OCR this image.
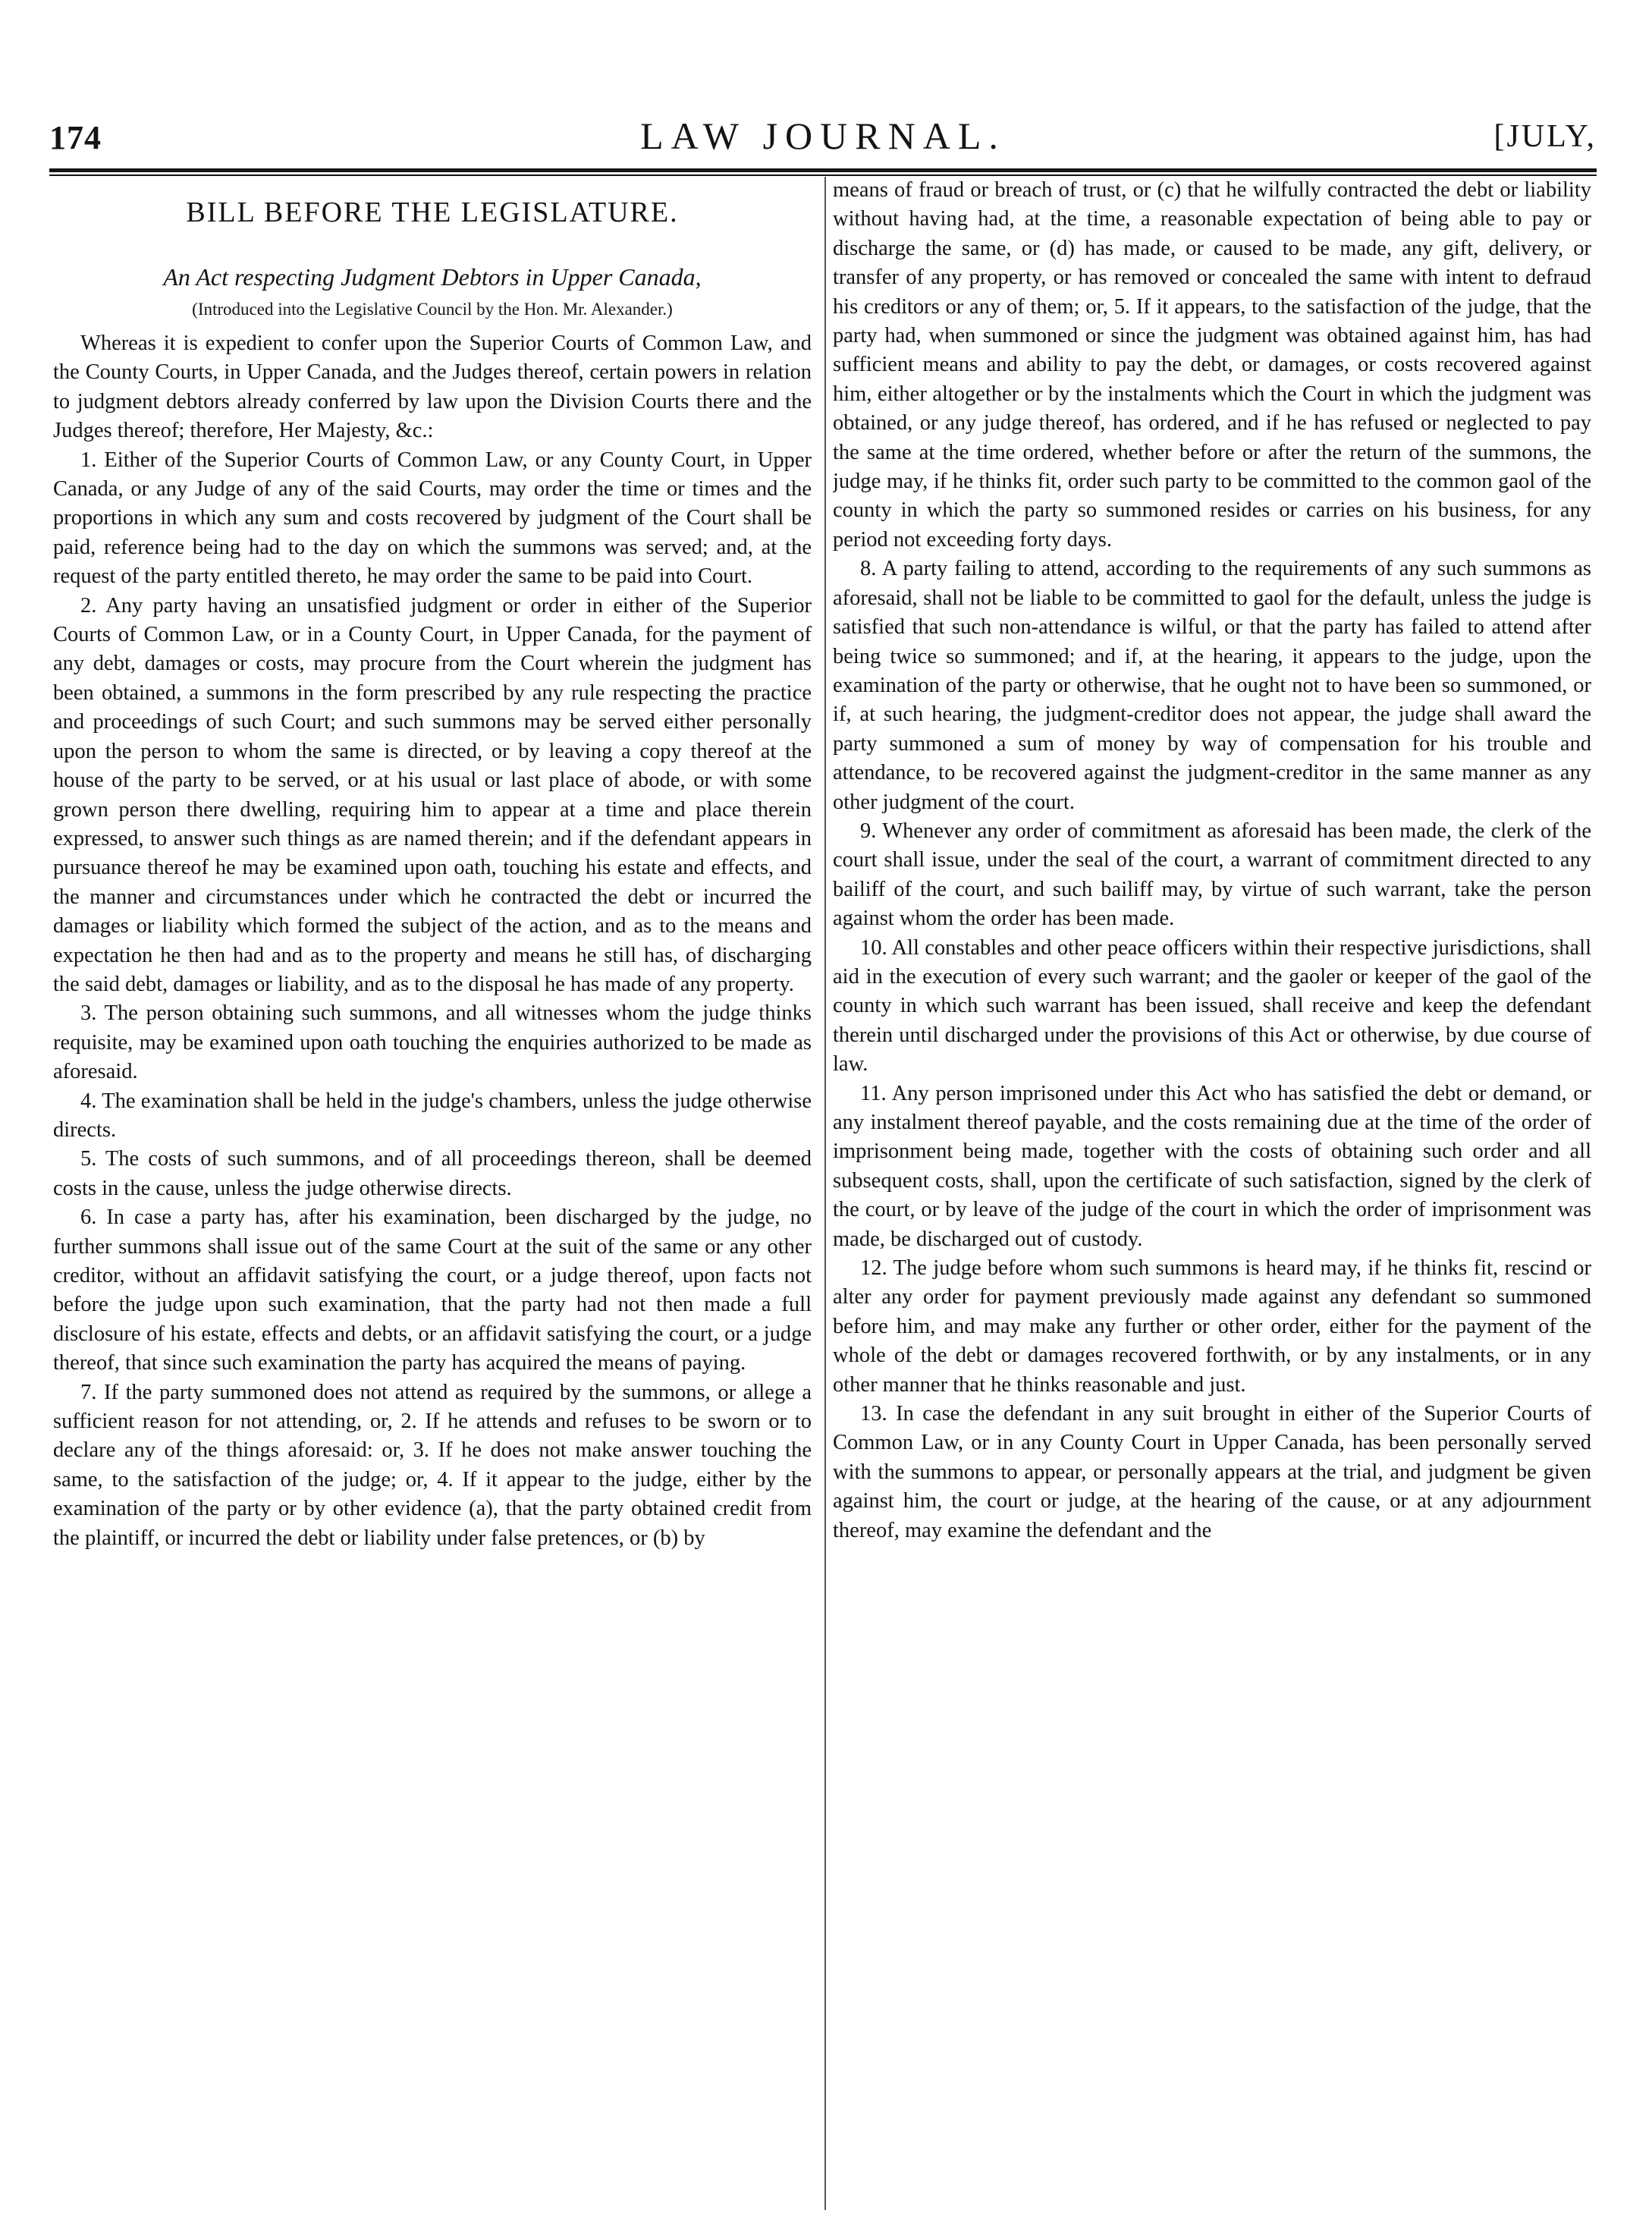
174	LAW JOURNAL.	[JULY,
BILL BEFORE THE LEGISLATURE.
An Act respecting Judgment Debtors in Upper Canada,
(Introduced into the Legislative Council by the Hon. Mr. Alexander.)

Whereas it is expedient to confer upon the Superior Courts of Common Law, and the County Courts, in Upper Canada, and the Judges thereof, certain powers in relation to judgment debtors already conferred by law upon the Division Courts there and the Judges thereof; therefore, Her Majesty, &c.:

1. Either of the Superior Courts of Common Law, or any County Court, in Upper Canada, or any Judge of any of the said Courts, may order the time or times and the proportions in which any sum and costs recovered by judgment of the Court shall be paid, reference being had to the day on which the summons was served; and, at the request of the party entitled thereto, he may order the same to be paid into Court.

2. Any party having an unsatisfied judgment or order in either of the Superior Courts of Common Law, or in a County Court, in Upper Canada, for the payment of any debt, damages or costs, may procure from the Court wherein the judgment has been obtained, a summons in the form prescribed by any rule respecting the practice and proceedings of such Court; and such summons may be served either personally upon the person to whom the same is directed, or by leaving a copy thereof at the house of the party to be served, or at his usual or last place of abode, or with some grown person there dwelling, requiring him to appear at a time and place therein expressed, to answer such things as are named therein; and if the defendant appears in pursuance thereof he may be examined upon oath, touching his estate and effects, and the manner and circumstances under which he contracted the debt or incurred the damages or liability which formed the subject of the action, and as to the means and expectation he then had and as to the property and means he still has, of discharging the said debt, damages or liability, and as to the disposal he has made of any property.

3. The person obtaining such summons, and all witnesses whom the judge thinks requisite, may be examined upon oath touching the enquiries authorized to be made as aforesaid.

4. The examination shall be held in the judge's chambers, unless the judge otherwise directs.

5. The costs of such summons, and of all proceedings thereon, shall be deemed costs in the cause, unless the judge otherwise directs.

6. In case a party has, after his examination, been discharged by the judge, no further summons shall issue out of the same Court at the suit of the same or any other creditor, without an affidavit satisfying the court, or a judge thereof, upon facts not before the judge upon such examination, that the party had not then made a full disclosure of his estate, effects and debts, or an affidavit satisfying the court, or a judge thereof, that since such examination the party has acquired the means of paying.

7. If the party summoned does not attend as required by the summons, or allege a sufficient reason for not attending, or, 2. If he attends and refuses to be sworn or to declare any of the things aforesaid: or, 3. If he does not make answer touching the same, to the satisfaction of the judge; or, 4. If it appear to the judge, either by the examination of the party or by other evidence (a), that the party obtained credit from the plaintiff, or incurred the debt or liability under false pretences, or (b) by

means of fraud or breach of trust, or (c) that he wilfully contracted the debt or liability without having had, at the time, a reasonable expectation of being able to pay or discharge the same, or (d) has made, or caused to be made, any gift, delivery, or transfer of any property, or has removed or concealed the same with intent to defraud his creditors or any of them; or, 5. If it appears, to the satisfaction of the judge, that the party had, when summoned or since the judgment was obtained against him, has had sufficient means and ability to pay the debt, or damages, or costs recovered against him, either altogether or by the instalments which the Court in which the judgment was obtained, or any judge thereof, has ordered, and if he has refused or neglected to pay the same at the time ordered, whether before or after the return of the summons, the judge may, if he thinks fit, order such party to be committed to the common gaol of the county in which the party so summoned resides or carries on his business, for any period not exceeding forty days.

8. A party failing to attend, according to the requirements of any such summons as aforesaid, shall not be liable to be committed to gaol for the default, unless the judge is satisfied that such non-attendance is wilful, or that the party has failed to attend after being twice so summoned; and if, at the hearing, it appears to the judge, upon the examination of the party or otherwise, that he ought not to have been so summoned, or if, at such hearing, the judgment-creditor does not appear, the judge shall award the party summoned a sum of money by way of compensation for his trouble and attendance, to be recovered against the judgment-creditor in the same manner as any other judgment of the court.

9. Whenever any order of commitment as aforesaid has been made, the clerk of the court shall issue, under the seal of the court, a warrant of commitment directed to any bailiff of the court, and such bailiff may, by virtue of such warrant, take the person against whom the order has been made.

10. All constables and other peace officers within their respective jurisdictions, shall aid in the execution of every such warrant; and the gaoler or keeper of the gaol of the county in which such warrant has been issued, shall receive and keep the defendant therein until discharged under the provisions of this Act or otherwise, by due course of law.

11. Any person imprisoned under this Act who has satisfied the debt or demand, or any instalment thereof payable, and the costs remaining due at the time of the order of imprisonment being made, together with the costs of obtaining such order and all subsequent costs, shall, upon the certificate of such satisfaction, signed by the clerk of the court, or by leave of the judge of the court in which the order of imprisonment was made, be discharged out of custody.

12. The judge before whom such summons is heard may, if he thinks fit, rescind or alter any order for payment previously made against any defendant so summoned before him, and may make any further or other order, either for the payment of the whole of the debt or damages recovered forthwith, or by any instalments, or in any other manner that he thinks reasonable and just.

13. In case the defendant in any suit brought in either of the Superior Courts of Common Law, or in any County Court in Upper Canada, has been personally served with the summons to appear, or personally appears at the trial, and judgment be given against him, the court or judge, at the hearing of the cause, or at any adjournment thereof, may examine the defendant and the
